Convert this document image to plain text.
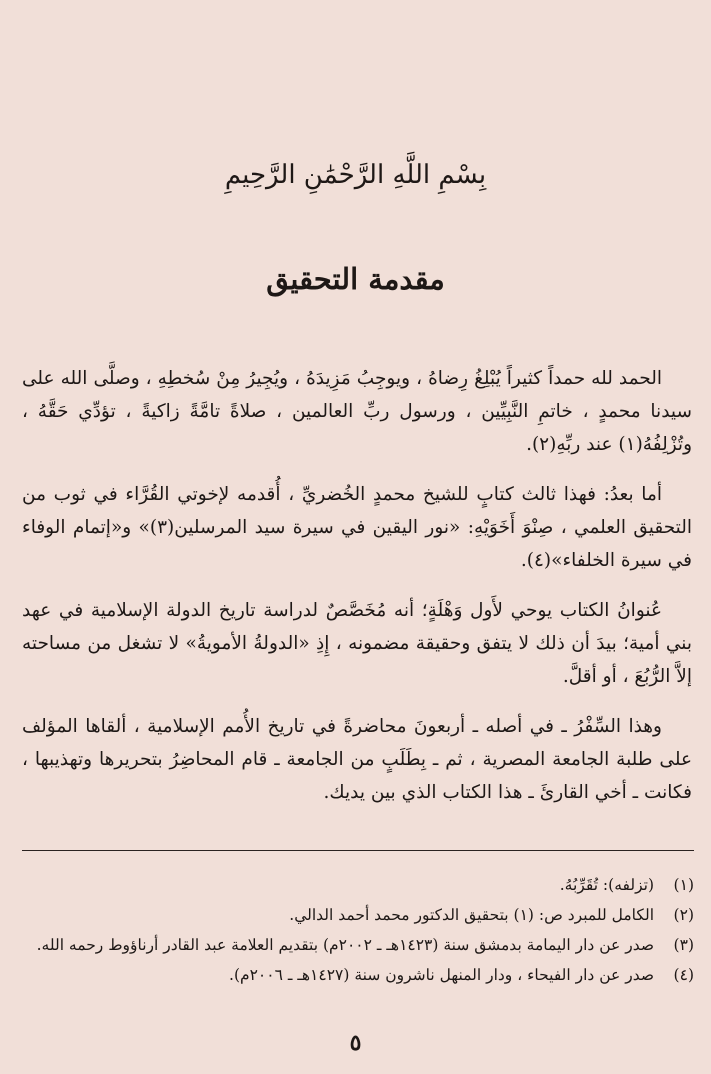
بِسْمِ اللَّهِ الرَّحْمَٰنِ الرَّحِيمِ
مقدمة التحقيق

الحمد لله حمداً كثيراً يُبْلِغُ رِضاهُ ، ويوجِبُ مَزِيدَهُ ، ويُجِيرُ مِنْ سُخطِهِ ، وصلَّى الله على سيدنا محمدٍ ، خاتمِ النَّبِيِّين ، ورسول ربِّ العالمين ، صلاةً تامَّةً زاكيةً ، تؤدِّي حَقَّهُ ، وتُزْلِفُهُ(١) عند ربِّهِ(٢).

أما بعدُ: فهذا ثالث كتابٍ للشيخ محمدٍ الخُضريِّ ، أُقدمه لإخوتي القُرَّاء في ثوب من التحقيق العلمي ، صِنْوَ أَخَوَيْهِ: «نور اليقين في سيرة سيد المرسلين(٣)» و«إتمام الوفاء في سيرة الخلفاء»(٤).

عُنوانُ الكتاب يوحي لأَول وَهْلَةٍ؛ أنه مُخَصَّصٌ لدراسة تاريخ الدولة الإسلامية في عهد بني أمية؛ بيدَ أن ذلك لا يتفق وحقيقة مضمونه ، إِذِ «الدولةُ الأمويةُ» لا تشغل من مساحته إلاَّ الرُّبُعَ ، أو أقلَّ.

وهذا السِّفْرُ ـ في أصله ـ أربعونَ محاضرةً في تاريخ الأُمم الإسلامية ، ألقاها المؤلف على طلبة الجامعة المصرية ، ثم ـ بِطَلَبٍ من الجامعة ـ قام المحاضِرُ بتحريرها وتهذيبها ، فكانت ـ أخي القارئَ ـ هذا الكتاب الذي بين يديك.

(١)
(تزلفه): تُقَرِّبُهُ.
(٢)
الكامل للمبرد ص: (١) بتحقيق الدكتور محمد أحمد الدالي.
(٣)
صدر عن دار اليمامة بدمشق سنة (١٤٢٣هـ ـ ٢٠٠٢م) بتقديم العلامة عبد القادر أرناؤوط رحمه الله.
(٤)
صدر عن دار الفيحاء ، ودار المنهل ناشرون سنة (١٤٢٧هـ ـ ٢٠٠٦م).
٥
